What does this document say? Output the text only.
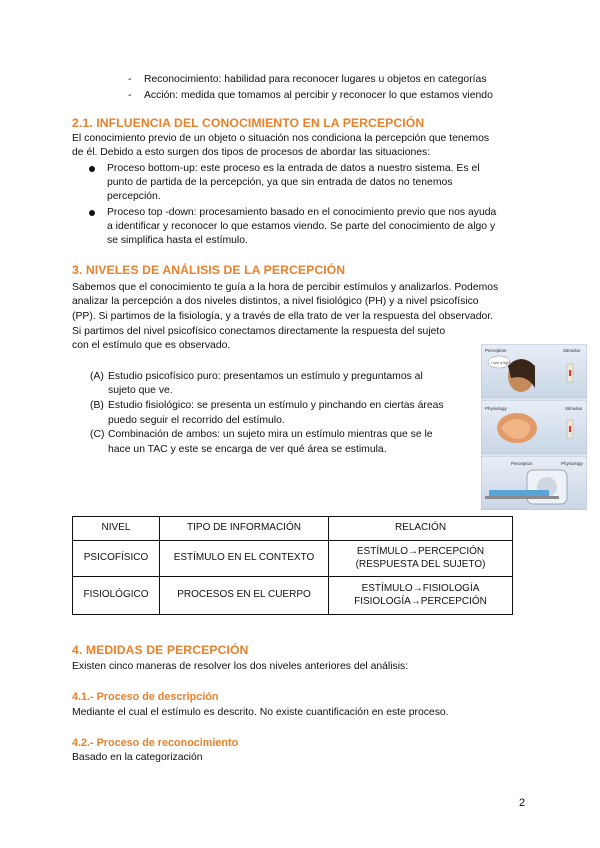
- Reconocimiento: habilidad para reconocer lugares u objetos en categorías
- Acción: medida que tomamos al percibir y reconocer lo que estamos viendo
2.1. INFLUENCIA DEL CONOCIMIENTO EN LA PERCEPCIÓN
El conocimiento previo de un objeto o situación nos condiciona la percepción que tenemos
de él. Debido a esto surgen dos tipos de procesos de abordar las situaciones:
Proceso bottom-up: este proceso es la entrada de datos a nuestro sistema. Es el
punto de partida de la percepción, ya que sin entrada de datos no tenemos
percepción.
Proceso top -down: procesamiento basado en el conocimiento previo que nos ayuda
a identificar y reconocer lo que estamos viendo. Se parte del conocimiento de algo y
se simplifica hasta el estímulo.
3. NIVELES DE ANÁLISIS DE LA PERCEPCIÓN
Sabemos que el conocimiento te guía a la hora de percibir estímulos y analizarlos. Podemos
analizar la percepción a dos niveles distintos, a nivel fisiológico (PH) y a nivel psicofísico
(PP). Si partimos de la fisiología, y a través de ella trato de ver la respuesta del observador.
Si partimos del nivel psicofísico conectamos directamente la respuesta del sujeto
con el estímulo que es observado.
(A) Estudio psicofísico puro: presentamos un estímulo y preguntamos al
sujeto que ve.
(B) Estudio fisiológico: se presenta un estímulo y pinchando en ciertas áreas
puedo seguir el recorrido del estímulo.
(C) Combinación de ambos: un sujeto mira un estímulo mientras que se le
hace un TAC y este se encarga de ver qué área se estimula.
Perception	Stimulus
I see a light
Physiology	Stimulus
Perception	Physiology
NIVEL	TIPO DE INFORMACIÓN	RELACIÓN
PSICOFÍSICO	ESTÍMULO EN EL CONTEXTO	ESTÍMULO→PERCEPCIÓN
(RESPUESTA DEL SUJETO)

FISIOLÓGICO	PROCESOS EN EL CUERPO	ESTÍMULO→FISIOLOGÍA
FISIOLOGÍA→PERCEPCIÓN
4. MEDIDAS DE PERCEPCIÓN
Existen cinco maneras de resolver los dos niveles anteriores del análisis:
4.1.- Proceso de descripción
Mediante el cual el estímulo es descrito. No existe cuantificación en este proceso.
4.2.- Proceso de reconocimiento
Basado en la categorización
2
